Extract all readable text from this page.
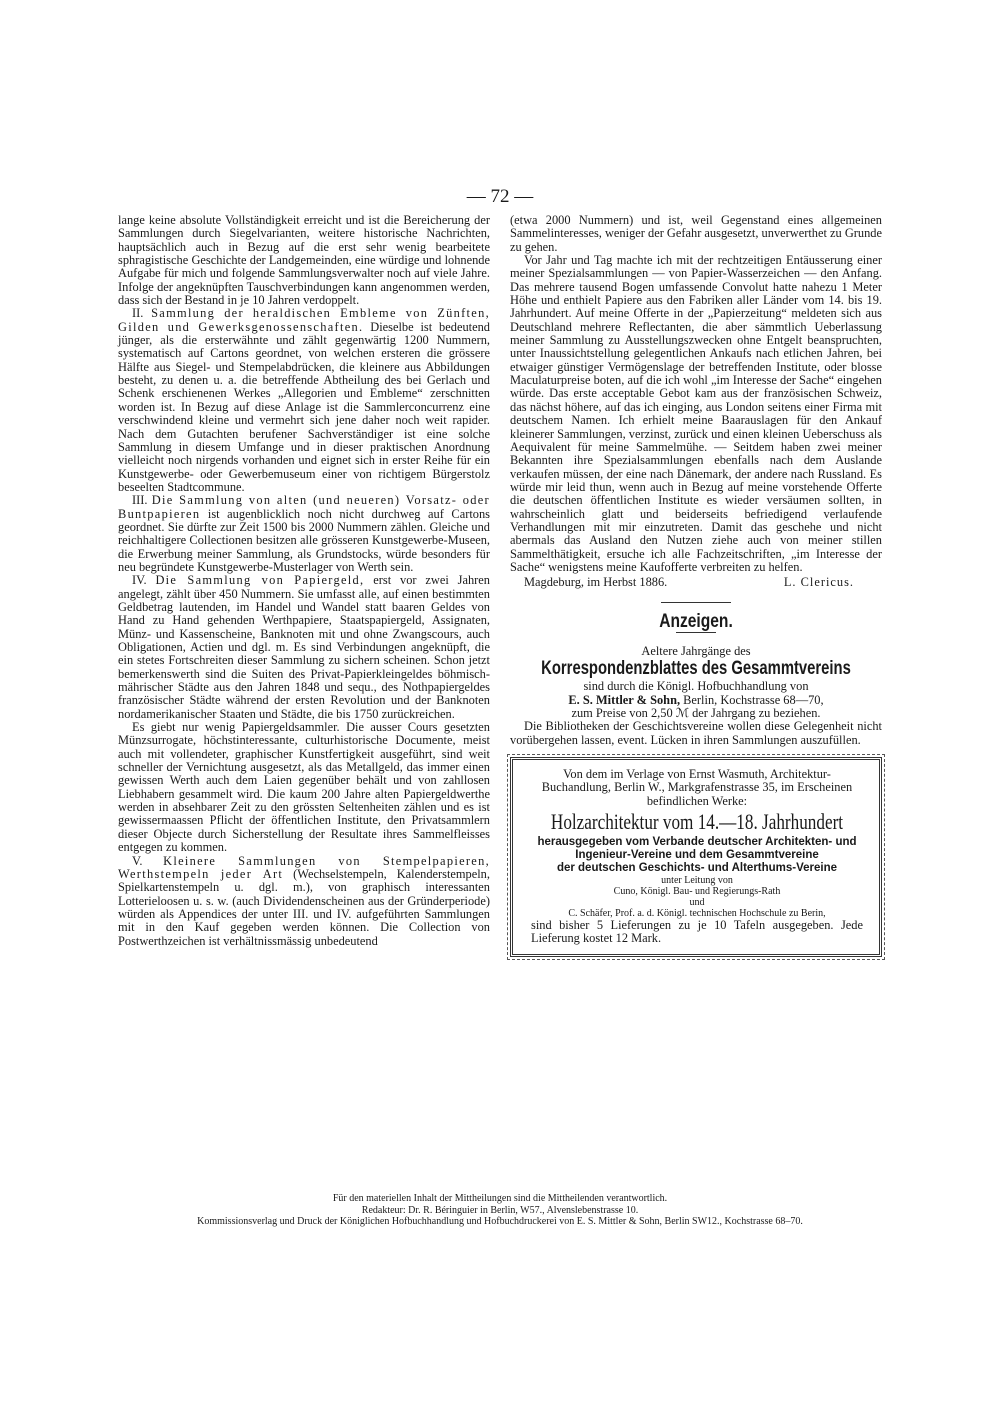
— 72 —

lange keine absolute Vollständigkeit erreicht und ist die Bereicherung der Sammlungen durch Siegelvarianten, weitere historische Nachrichten, hauptsächlich auch in Bezug auf die erst sehr wenig bearbeitete sphragistische Geschichte der Landgemeinden, eine würdige und lohnende Aufgabe für mich und folgende Sammlungsverwalter noch auf viele Jahre. Infolge der angeknüpften Tauschverbindungen kann angenommen werden, dass sich der Bestand in je 10 Jahren verdoppelt.

II. Sammlung der heraldischen Embleme von Zünften, Gilden und Gewerksgenossenschaften. Dieselbe ist bedeutend jünger, als die ersterwähnte und zählt gegenwärtig 1200 Nummern, systematisch auf Cartons geordnet, von welchen ersteren die grössere Hälfte aus Siegel- und Stempelabdrücken, die kleinere aus Abbildungen besteht, zu denen u. a. die betreffende Abtheilung des bei Gerlach und Schenk erschienenen Werkes „Allegorien und Embleme“ zerschnitten worden ist. In Bezug auf diese Anlage ist die Sammlerconcurrenz eine verschwindend kleine und vermehrt sich jene daher noch weit rapider. Nach dem Gutachten berufener Sachverständiger ist eine solche Sammlung in diesem Umfange und in dieser praktischen Anordnung vielleicht noch nirgends vorhanden und eignet sich in erster Reihe für ein Kunstgewerbe- oder Gewerbemuseum einer von richtigem Bürgerstolz beseelten Stadtcommune.

III. Die Sammlung von alten (und neueren) Vorsatz- oder Buntpapieren ist augenblicklich noch nicht durchweg auf Cartons geordnet. Sie dürfte zur Zeit 1500 bis 2000 Nummern zählen. Gleiche und reichhaltigere Collectionen besitzen alle grösseren Kunstgewerbe-Museen, die Erwerbung meiner Sammlung, als Grundstocks, würde besonders für neu begründete Kunstgewerbe-Musterlager von Werth sein.

IV. Die Sammlung von Papiergeld, erst vor zwei Jahren angelegt, zählt über 450 Nummern. Sie umfasst alle, auf einen bestimmten Geldbetrag lautenden, im Handel und Wandel statt baaren Geldes von Hand zu Hand gehenden Werthpapiere, Staatspapiergeld, Assignaten, Münz- und Kassenscheine, Banknoten mit und ohne Zwangscours, auch Obligationen, Actien und dgl. m. Es sind Verbindungen angeknüpft, die ein stetes Fortschreiten dieser Sammlung zu sichern scheinen. Schon jetzt bemerkenswerth sind die Suiten des Privat-Papierkleingeldes böhmisch-mährischer Städte aus den Jahren 1848 und sequ., des Nothpapiergeldes französischer Städte während der ersten Revolution und der Banknoten nordamerikanischer Staaten und Städte, die bis 1750 zurückreichen.

Es giebt nur wenig Papiergeldsammler. Die ausser Cours gesetzten Münzsurrogate, höchstinteressante, culturhistorische Documente, meist auch mit vollendeter, graphischer Kunstfertigkeit ausgeführt, sind weit schneller der Vernichtung ausgesetzt, als das Metallgeld, das immer einen gewissen Werth auch dem Laien gegenüber behält und von zahllosen Liebhabern gesammelt wird. Die kaum 200 Jahre alten Papiergeldwerthe werden in absehbarer Zeit zu den grössten Seltenheiten zählen und es ist gewissermaassen Pflicht der öffentlichen Institute, den Privatsammlern dieser Objecte durch Sicherstellung der Resultate ihres Sammelfleisses entgegen zu kommen.

V. Kleinere Sammlungen von Stempelpapieren, Werthstempeln jeder Art (Wechselstempeln, Kalenderstempeln, Spielkartenstempeln u. dgl. m.), von graphisch interessanten Lotterieloosen u. s. w. (auch Dividendenscheinen aus der Gründerperiode) würden als Appendices der unter III. und IV. aufgeführten Sammlungen mit in den Kauf gegeben werden können. Die Collection von Postwerthzeichen ist verhältnissmässig unbedeutend

(etwa 2000 Nummern) und ist, weil Gegenstand eines allgemeinen Sammelinteresses, weniger der Gefahr ausgesetzt, unverwerthet zu Grunde zu gehen.

Vor Jahr und Tag machte ich mit der rechtzeitigen Entäusserung einer meiner Spezialsammlungen — von Papier-Wasserzeichen — den Anfang. Das mehrere tausend Bogen umfassende Convolut hatte nahezu 1 Meter Höhe und enthielt Papiere aus den Fabriken aller Länder vom 14. bis 19. Jahrhundert. Auf meine Offerte in der „Papierzeitung“ meldeten sich aus Deutschland mehrere Reflectanten, die aber sämmtlich Ueberlassung meiner Sammlung zu Ausstellungszwecken ohne Entgelt beanspruchten, unter Inaussichtstellung gelegentlichen Ankaufs nach etlichen Jahren, bei etwaiger günstiger Vermögenslage der betreffenden Institute, oder blosse Maculaturpreise boten, auf die ich wohl „im Interesse der Sache“ eingehen würde. Das erste acceptable Gebot kam aus der französischen Schweiz, das nächst höhere, auf das ich einging, aus London seitens einer Firma mit deutschem Namen. Ich erhielt meine Baarauslagen für den Ankauf kleinerer Sammlungen, verzinst, zurück und einen kleinen Ueberschuss als Aequivalent für meine Sammelmühe. — Seitdem haben zwei meiner Bekannten ihre Spezialsammlungen ebenfalls nach dem Auslande verkaufen müssen, der eine nach Dänemark, der andere nach Russland. Es würde mir leid thun, wenn auch in Bezug auf meine vorstehende Offerte die deutschen öffentlichen Institute es wieder versäumen sollten, in wahrscheinlich glatt und beiderseits befriedigend verlaufende Verhandlungen mit mir einzutreten. Damit das geschehe und nicht abermals das Ausland den Nutzen ziehe auch von meiner stillen Sammelthätigkeit, ersuche ich alle Fachzeitschriften, „im Interesse der Sache“ wenigstens meine Kaufofferte verbreiten zu helfen.

Magdeburg, im Herbst 1886.	L. Clericus.
Anzeigen.
Aeltere Jahrgänge des
Korrespondenzblattes des Gesammtvereins
sind durch die Königl. Hofbuchhandlung von
E. S. Mittler & Sohn, Berlin, Kochstrasse 68—70,
zum Preise von 2,50 ℳ der Jahrgang zu beziehen.

Die Bibliotheken der Geschichtsvereine wollen diese Gelegenheit nicht vorübergehen lassen, event. Lücken in ihren Sammlungen auszufüllen.

Von dem im Verlage von Ernst Wasmuth, Architektur-Buchandlung, Berlin W., Markgrafenstrasse 35, im Erscheinen befindlichen Werke:

Holzarchitektur vom 14.—18. Jahrhundert
herausgegeben vom Verbande deutscher Architekten- und Ingenieur-Vereine und dem Gesammtvereine
der deutschen Geschichts- und Alterthums-Vereine
unter Leitung von
Cuno, Königl. Bau- und Regierungs-Rath
und
C. Schäfer, Prof. a. d. Königl. technischen Hochschule zu Berin,

sind bisher 5 Lieferungen zu je 10 Tafeln ausgegeben. Jede Lieferung kostet 12 Mark.

Für den materiellen Inhalt der Mittheilungen sind die Mittheilenden verantwortlich.
Redakteur: Dr. R. Béringuier in Berlin, W57., Alvenslebenstrasse 10.
Kommissionsverlag und Druck der Königlichen Hofbuchhandlung und Hofbuchdruckerei von E. S. Mittler & Sohn, Berlin SW12., Kochstrasse 68–70.
